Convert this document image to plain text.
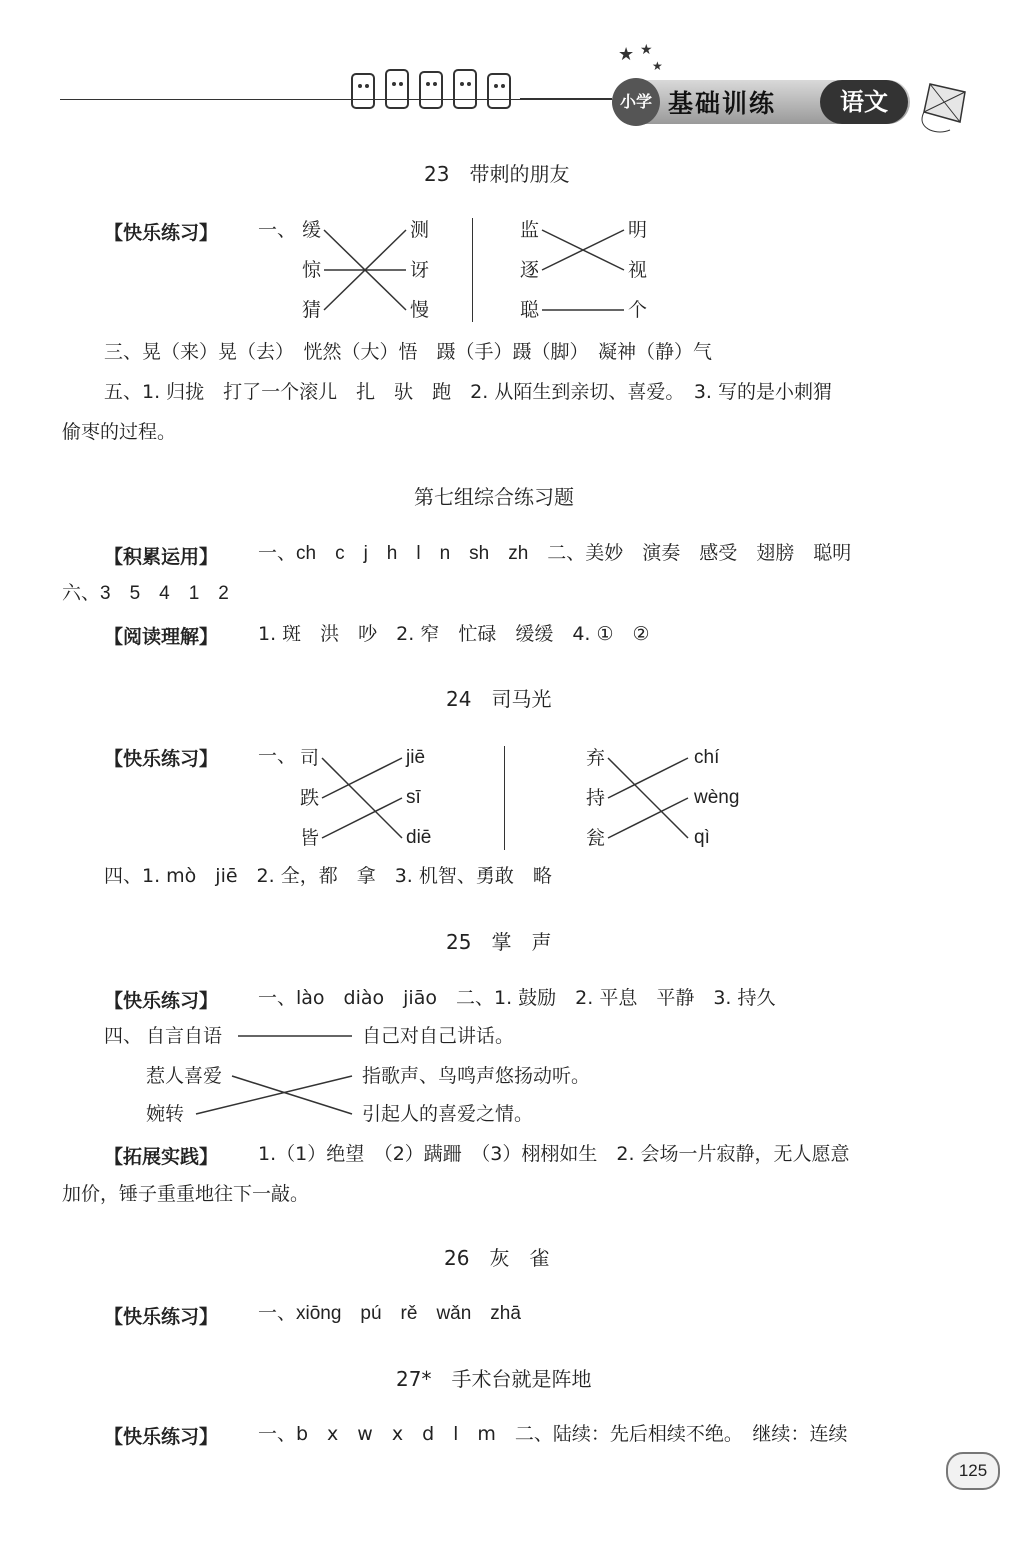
★ ★
★
小学 基础训练	语文
23　带刺的朋友
【快乐练习】 一、 缓
惊
猜
测
讶
慢
监
逐
聪
明
视
个
三、晃（来）晃（去）　恍然（大）悟　蹑（手）蹑（脚）　凝神（静）气
五、1. 归拢　打了一个滚儿　扎　驮　跑　2. 从陌生到亲切、喜爱。　3. 写的是小刺猬
偷枣的过程。
第七组综合练习题
【积累运用】 一、ch　c　j　h　l　n　sh　zh　二、美妙　演奏　感受　翅膀　聪明
六、3　5　4　1　2
【阅读理解】 1. 斑　洪　吵　2. 窄　忙碌　缓缓　4. ①　②
24　司马光
【快乐练习】 一、 司
跌
皆
jiē
sī
diē
弃
持
瓮
chí
wèng
qì
四、1. mò　jiē　2. 全，都　拿　3. 机智、勇敢　略
25　掌　声
【快乐练习】 一、lào　diào　jiāo　二、1. 鼓励　2. 平息　平静　3. 持久
四、 自言自语
惹人喜爱
婉转
自己对自己讲话。
指歌声、鸟鸣声悠扬动听。
引起人的喜爱之情。
【拓展实践】 1.（1）绝望　（2）蹒跚　（3）栩栩如生　2. 会场一片寂静，无人愿意
加价，锤子重重地往下一敲。
26　灰　雀
【快乐练习】 一、xiōng　pú　rě　wǎn　zhā
27*　手术台就是阵地
【快乐练习】 一、b　x　w　x　d　l　m　二、陆续：先后相续不绝。　继续：连续
125
